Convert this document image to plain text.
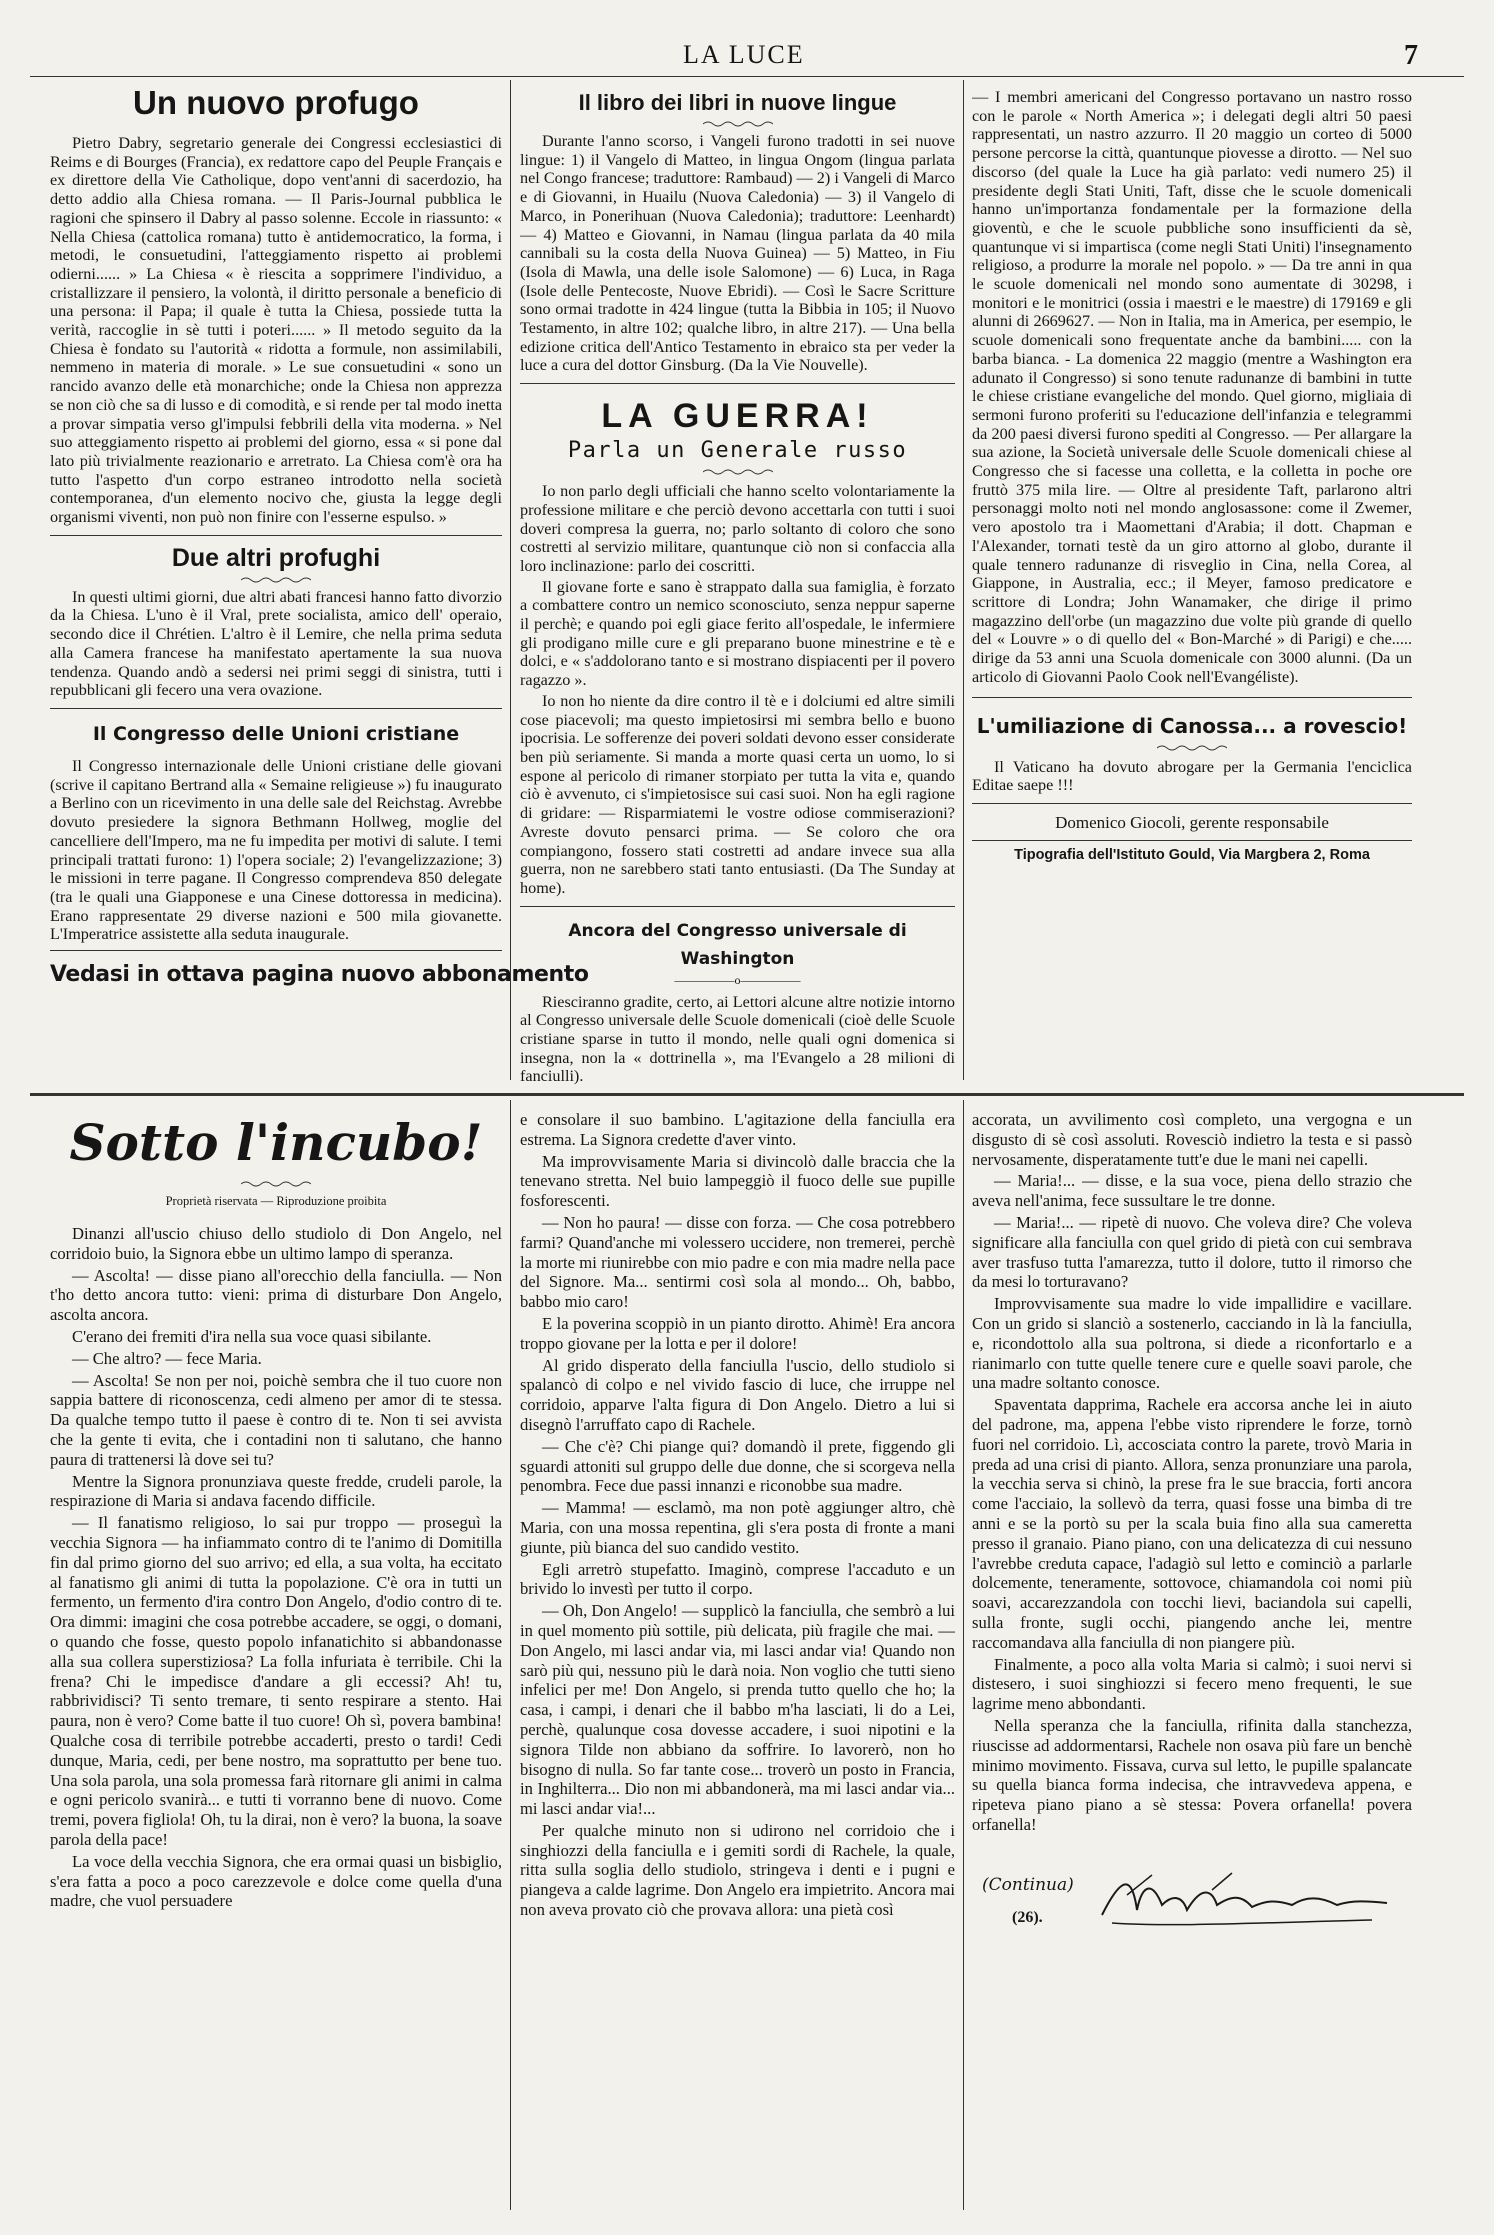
LA LUCE	7
Un nuovo profugo

Pietro Dabry, segretario generale dei Congressi ecclesiastici di Reims e di Bourges (Francia), ex redattore capo del Peuple Français e ex direttore della Vie Catholique, dopo vent'anni di sacerdozio, ha detto addio alla Chiesa romana. — Il Paris-Journal pubblica le ragioni che spinsero il Dabry al passo solenne. Eccole in riassunto: « Nella Chiesa (cattolica romana) tutto è antidemocratico, la forma, i metodi, le consuetudini, l'atteggiamento rispetto ai problemi odierni...... » La Chiesa « è riescita a sopprimere l'individuo, a cristallizzare il pensiero, la volontà, il diritto personale a beneficio di una persona: il Papa; il quale è tutta la Chiesa, possiede tutta la verità, raccoglie in sè tutti i poteri...... » Il metodo seguito da la Chiesa è fondato su l'autorità « ridotta a formule, non assimilabili, nemmeno in materia di morale. » Le sue consuetudini « sono un rancido avanzo delle età monarchiche; onde la Chiesa non apprezza se non ciò che sa di lusso e di comodità, e si rende per tal modo inetta a provar simpatia verso gl'impulsi febbrili della vita moderna. » Nel suo atteggiamento rispetto ai problemi del giorno, essa « si pone dal lato più trivialmente reazionario e arretrato. La Chiesa com'è ora ha tutto l'aspetto d'un corpo estraneo introdotto nella società contemporanea, d'un elemento nocivo che, giusta la legge degli organismi viventi, non può non finire con l'esserne espulso. »

Due altri profughi

In questi ultimi giorni, due altri abati francesi hanno fatto divorzio da la Chiesa. L'uno è il Vral, prete socialista, amico dell' operaio, secondo dice il Chrétien. L'altro è il Lemire, che nella prima seduta alla Camera francese ha manifestato apertamente la sua nuova tendenza. Quando andò a sedersi nei primi seggi di sinistra, tutti i repubblicani gli fecero una vera ovazione.

Il Congresso delle Unioni cristiane

Il Congresso internazionale delle Unioni cristiane delle giovani (scrive il capitano Bertrand alla « Semaine religieuse ») fu inaugurato a Berlino con un ricevimento in una delle sale del Reichstag. Avrebbe dovuto presiedere la signora Bethmann Hollweg, moglie del cancelliere dell'Impero, ma ne fu impedita per motivi di salute. I temi principali trattati furono: 1) l'opera sociale; 2) l'evangelizzazione; 3) le missioni in terre pagane. Il Congresso comprendeva 850 delegate (tra le quali una Giapponese e una Cinese dottoressa in medicina). Erano rappresentate 29 diverse nazioni e 500 mila giovanette. L'Imperatrice assistette alla seduta inaugurale.

Vedasi in ottava pagina nuovo abbonamento
Il libro dei libri in nuove lingue

Durante l'anno scorso, i Vangeli furono tradotti in sei nuove lingue: 1) il Vangelo di Matteo, in lingua Ongom (lingua parlata nel Congo francese; traduttore: Rambaud) — 2) i Vangeli di Marco e di Giovanni, in Huailu (Nuova Caledonia) — 3) il Vangelo di Marco, in Ponerihuan (Nuova Caledonia); traduttore: Leenhardt) — 4) Matteo e Giovanni, in Namau (lingua parlata da 40 mila cannibali su la costa della Nuova Guinea) — 5) Matteo, in Fiu (Isola di Mawla, una delle isole Salomone) — 6) Luca, in Raga (Isole delle Pentecoste, Nuove Ebridi). — Così le Sacre Scritture sono ormai tradotte in 424 lingue (tutta la Bibbia in 105; il Nuovo Testamento, in altre 102; qualche libro, in altre 217). — Una bella edizione critica dell'Antico Testamento in ebraico sta per veder la luce a cura del dottor Ginsburg. (Da la Vie Nouvelle).

LA GUERRA!
Parla un Generale russo

Io non parlo degli ufficiali che hanno scelto volontariamente la professione militare e che perciò devono accettarla con tutti i suoi doveri compresa la guerra, no; parlo soltanto di coloro che sono costretti al servizio militare, quantunque ciò non si confaccia alla loro inclinazione: parlo dei coscritti.

Il giovane forte e sano è strappato dalla sua famiglia, è forzato a combattere contro un nemico sconosciuto, senza neppur saperne il perchè; e quando poi egli giace ferito all'ospedale, le infermiere gli prodigano mille cure e gli preparano buone minestrine e tè e dolci, e « s'addolorano tanto e si mostrano dispiacenti per il povero ragazzo ».

Io non ho niente da dire contro il tè e i dolciumi ed altre simili cose piacevoli; ma questo impietosirsi mi sembra bello e buono ipocrisia. Le sofferenze dei poveri soldati devono esser considerate ben più seriamente. Si manda a morte quasi certa un uomo, lo si espone al pericolo di rimaner storpiato per tutta la vita e, quando ciò è avvenuto, ci s'impietosisce sui casi suoi. Non ha egli ragione di gridare: — Risparmiatemi le vostre odiose commiserazioni? Avreste dovuto pensarci prima. — Se coloro che ora compiangono, fossero stati costretti ad andare invece sua alla guerra, non ne sarebbero stati tanto entusiasti. (Da The Sunday at home).

Ancora del Congresso universale di Washington
—————o—————

Riesciranno gradite, certo, ai Lettori alcune altre notizie intorno al Congresso universale delle Scuole domenicali (cioè delle Scuole cristiane sparse in tutto il mondo, nelle quali ogni domenica si insegna, non la « dottrinella », ma l'Evangelo a 28 milioni di fanciulli).

— I membri americani del Congresso portavano un nastro rosso con le parole « North America »; i delegati degli altri 50 paesi rappresentati, un nastro azzurro. Il 20 maggio un corteo di 5000 persone percorse la città, quantunque piovesse a dirotto. — Nel suo discorso (del quale la Luce ha già parlato: vedi numero 25) il presidente degli Stati Uniti, Taft, disse che le scuole domenicali hanno un'importanza fondamentale per la formazione della gioventù, e che le scuole pubbliche sono insufficienti da sè, quantunque vi si impartisca (come negli Stati Uniti) l'insegnamento religioso, a produrre la morale nel popolo. » — Da tre anni in qua le scuole domenicali nel mondo sono aumentate di 30298, i monitori e le monitrici (ossia i maestri e le maestre) di 179169 e gli alunni di 2669627. — Non in Italia, ma in America, per esempio, le scuole domenicali sono frequentate anche da bambini..... con la barba bianca. - La domenica 22 maggio (mentre a Washington era adunato il Congresso) si sono tenute radunanze di bambini in tutte le chiese cristiane evangeliche del mondo. Quel giorno, migliaia di sermoni furono proferiti su l'educazione dell'infanzia e telegrammi da 200 paesi diversi furono spediti al Congresso. — Per allargare la sua azione, la Società universale delle Scuole domenicali chiese al Congresso che si facesse una colletta, e la colletta in poche ore fruttò 375 mila lire. — Oltre al presidente Taft, parlarono altri personaggi molto noti nel mondo anglosassone: come il Zwemer, vero apostolo tra i Maomettani d'Arabia; il dott. Chapman e l'Alexander, tornati testè da un giro attorno al globo, durante il quale tennero radunanze di risveglio in Cina, nella Corea, al Giappone, in Australia, ecc.; il Meyer, famoso predicatore e scrittore di Londra; John Wanamaker, che dirige il primo magazzino dell'orbe (un magazzino due volte più grande di quello del « Louvre » o di quello del « Bon-Marché » di Parigi) e che..... dirige da 53 anni una Scuola domenicale con 3000 alunni. (Da un articolo di Giovanni Paolo Cook nell'Evangéliste).

L'umiliazione di Canossa... a rovescio!

Il Vaticano ha dovuto abrogare per la Germania l'enciclica Editae saepe !!!

Domenico Giocoli, gerente responsabile
Tipografia dell'Istituto Gould, Via Margbera 2, Roma
Sotto l'incubo!
Proprietà riservata — Riproduzione proibita

Dinanzi all'uscio chiuso dello studiolo di Don Angelo, nel corridoio buio, la Signora ebbe un ultimo lampo di speranza.

— Ascolta! — disse piano all'orecchio della fanciulla. — Non t'ho detto ancora tutto: vieni: prima di disturbare Don Angelo, ascolta ancora.

C'erano dei fremiti d'ira nella sua voce quasi sibilante.

— Che altro? — fece Maria.

— Ascolta! Se non per noi, poichè sembra che il tuo cuore non sappia battere di riconoscenza, cedi almeno per amor di te stessa. Da qualche tempo tutto il paese è contro di te. Non ti sei avvista che la gente ti evita, che i contadini non ti salutano, che hanno paura di trattenersi là dove sei tu?

Mentre la Signora pronunziava queste fredde, crudeli parole, la respirazione di Maria si andava facendo difficile.

— Il fanatismo religioso, lo sai pur troppo — proseguì la vecchia Signora — ha infiammato contro di te l'animo di Domitilla fin dal primo giorno del suo arrivo; ed ella, a sua volta, ha eccitato al fanatismo gli animi di tutta la popolazione. C'è ora in tutti un fermento, un fermento d'ira contro Don Angelo, d'odio contro di te. Ora dimmi: imagini che cosa potrebbe accadere, se oggi, o domani, o quando che fosse, questo popolo infanatichito si abbandonasse alla sua collera superstiziosa? La folla infuriata è terribile. Chi la frena? Chi le impedisce d'andare a gli eccessi? Ah! tu, rabbrividisci? Ti sento tremare, ti sento respirare a stento. Hai paura, non è vero? Come batte il tuo cuore! Oh sì, povera bambina! Qualche cosa di terribile potrebbe accaderti, presto o tardi! Cedi dunque, Maria, cedi, per bene nostro, ma soprattutto per bene tuo. Una sola parola, una sola promessa farà ritornare gli animi in calma e ogni pericolo svanirà... e tutti ti vorranno bene di nuovo. Come tremi, povera figliola! Oh, tu la dirai, non è vero? la buona, la soave parola della pace!

La voce della vecchia Signora, che era ormai quasi un bisbiglio, s'era fatta a poco a poco carezzevole e dolce come quella d'una madre, che vuol persuadere

e consolare il suo bambino. L'agitazione della fanciulla era estrema. La Signora credette d'aver vinto.

Ma improvvisamente Maria si divincolò dalle braccia che la tenevano stretta. Nel buio lampeggiò il fuoco delle sue pupille fosforescenti.

— Non ho paura! — disse con forza. — Che cosa potrebbero farmi? Quand'anche mi volessero uccidere, non tremerei, perchè la morte mi riunirebbe con mio padre e con mia madre nella pace del Signore. Ma... sentirmi così sola al mondo... Oh, babbo, babbo mio caro!

E la poverina scoppiò in un pianto dirotto. Ahimè! Era ancora troppo giovane per la lotta e per il dolore!

Al grido disperato della fanciulla l'uscio, dello studiolo si spalancò di colpo e nel vivido fascio di luce, che irruppe nel corridoio, apparve l'alta figura di Don Angelo. Dietro a lui si disegnò l'arruffato capo di Rachele.

— Che c'è? Chi piange qui? domandò il prete, figgendo gli sguardi attoniti sul gruppo delle due donne, che si scorgeva nella penombra. Fece due passi innanzi e riconobbe sua madre.

— Mamma! — esclamò, ma non potè aggiunger altro, chè Maria, con una mossa repentina, gli s'era posta di fronte a mani giunte, più bianca del suo candido vestito.

Egli arretrò stupefatto. Imaginò, comprese l'accaduto e un brivido lo investì per tutto il corpo.

— Oh, Don Angelo! — supplicò la fanciulla, che sembrò a lui in quel momento più sottile, più delicata, più fragile che mai. — Don Angelo, mi lasci andar via, mi lasci andar via! Quando non sarò più qui, nessuno più le darà noia. Non voglio che tutti sieno infelici per me! Don Angelo, si prenda tutto quello che ho; la casa, i campi, i denari che il babbo m'ha lasciati, li do a Lei, perchè, qualunque cosa dovesse accadere, i suoi nipotini e la signora Tilde non abbiano da soffrire. Io lavorerò, non ho bisogno di nulla. So far tante cose... troverò un posto in Francia, in Inghilterra... Dio non mi abbandonerà, ma mi lasci andar via... mi lasci andar via!...

Per qualche minuto non si udirono nel corridoio che i singhiozzi della fanciulla e i gemiti sordi di Rachele, la quale, ritta sulla soglia dello studiolo, stringeva i denti e i pugni e piangeva a calde lagrime. Don Angelo era impietrito. Ancora mai non aveva provato ciò che provava allora: una pietà così

accorata, un avvilimento così completo, una vergogna e un disgusto di sè così assoluti. Rovesciò indietro la testa e si passò nervosamente, disperatamente tutt'e due le mani nei capelli.

— Maria!... — disse, e la sua voce, piena dello strazio che aveva nell'anima, fece sussultare le tre donne.

— Maria!... — ripetè di nuovo. Che voleva dire? Che voleva significare alla fanciulla con quel grido di pietà con cui sembrava aver trasfuso tutta l'amarezza, tutto il dolore, tutto il rimorso che da mesi lo torturavano?

Improvvisamente sua madre lo vide impallidire e vacillare. Con un grido si slanciò a sostenerlo, cacciando in là la fanciulla, e, ricondottolo alla sua poltrona, si diede a riconfortarlo e a rianimarlo con tutte quelle tenere cure e quelle soavi parole, che una madre soltanto conosce.

Spaventata dapprima, Rachele era accorsa anche lei in aiuto del padrone, ma, appena l'ebbe visto riprendere le forze, tornò fuori nel corridoio. Lì, accosciata contro la parete, trovò Maria in preda ad una crisi di pianto. Allora, senza pronunziare una parola, la vecchia serva si chinò, la prese fra le sue braccia, forti ancora come l'acciaio, la sollevò da terra, quasi fosse una bimba di tre anni e se la portò su per la scala buia fino alla sua cameretta presso il granaio. Piano piano, con una delicatezza di cui nessuno l'avrebbe creduta capace, l'adagiò sul letto e cominciò a parlarle dolcemente, teneramente, sottovoce, chiamandola coi nomi più soavi, accarezzandola con tocchi lievi, baciandola sui capelli, sulla fronte, sugli occhi, piangendo anche lei, mentre raccomandava alla fanciulla di non piangere più.

Finalmente, a poco alla volta Maria si calmò; i suoi nervi si distesero, i suoi singhiozzi si fecero meno frequenti, le sue lagrime meno abbondanti.

Nella speranza che la fanciulla, rifinita dalla stanchezza, riuscisse ad addormentarsi, Rachele non osava più fare un benchè minimo movimento. Fissava, curva sul letto, le pupille spalancate su quella bianca forma indecisa, che intravvedeva appena, e ripeteva piano piano a sè stessa: Povera orfanella! povera orfanella!

(Continua)
(26).
